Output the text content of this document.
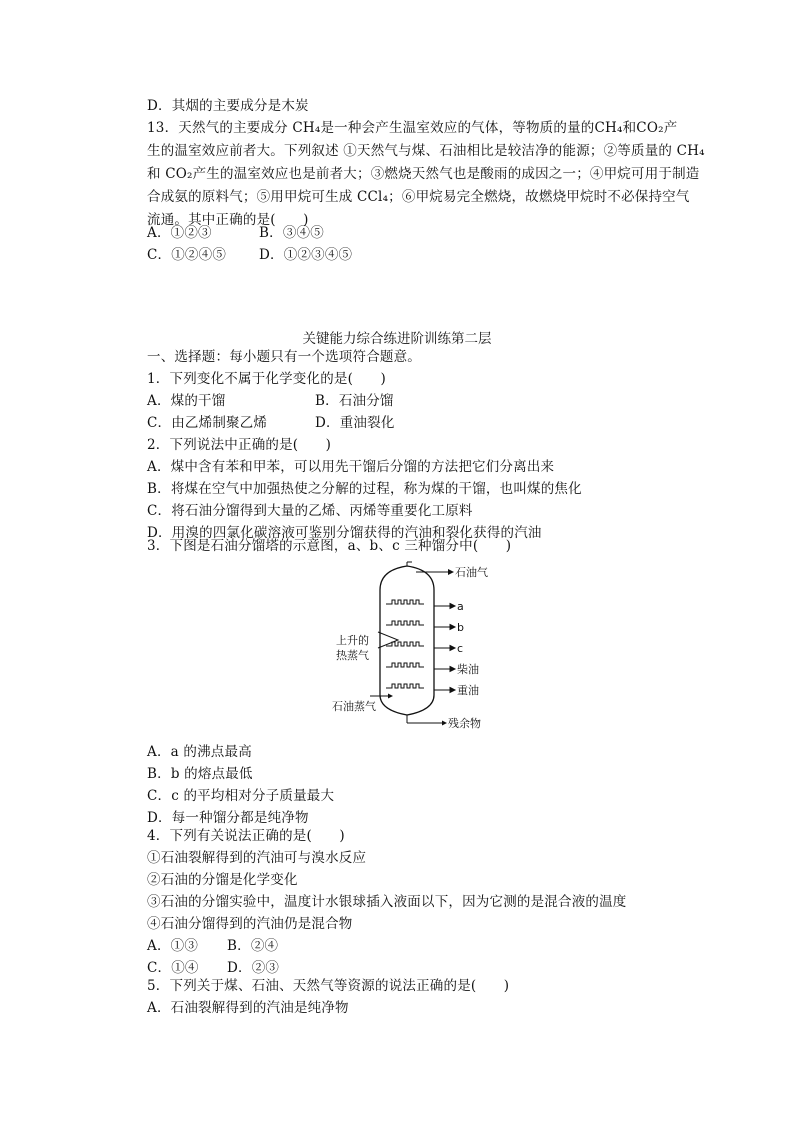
D．其烟的主要成分是木炭
13．天然气的主要成分 CH₄是一种会产生温室效应的气体，等物质的量的CH₄和CO₂产
生的温室效应前者大。下列叙述 ①天然气与煤、石油相比是较洁净的能源；②等质量的 CH₄
和 CO₂产生的温室效应也是前者大；③燃烧天然气也是酸雨的成因之一；④甲烷可用于制造
合成氨的原料气；⑤用甲烷可生成 CCl₄；⑥甲烷易完全燃烧，故燃烧甲烷时不必保持空气
流通。其中正确的是(　　)
A．①②③	B．③④⑤
C．①②④⑤ D．①②③④⑤
关键能力综合练进阶训练第二层
一、选择题：每小题只有一个选项符合题意。
1．下列变化不属于化学变化的是(　　)
A．煤的干馏	B．石油分馏
C．由乙烯制聚乙烯	D．重油裂化
2．下列说法中正确的是(　　)
A．煤中含有苯和甲苯，可以用先干馏后分馏的方法把它们分离出来
B．将煤在空气中加强热使之分解的过程，称为煤的干馏，也叫煤的焦化
C．将石油分馏得到大量的乙烯、丙烯等重要化工原料
D．用溴的四氯化碳溶液可鉴别分馏获得的汽油和裂化获得的汽油
3．下图是石油分馏塔的示意图，a、b、c 三种馏分中(　　)
石油气
a
b
c
柴油
重油
上升的
热蒸气
石油蒸气
残余物
A．a 的沸点最高
B．b 的熔点最低
C．c 的平均相对分子质量最大
D．每一种馏分都是纯净物
4．下列有关说法正确的是(　　)
①石油裂解得到的汽油可与溴水反应
②石油的分馏是化学变化
③石油的分馏实验中，温度计水银球插入液面以下，因为它测的是混合液的温度
④石油分馏得到的汽油仍是混合物
A．①③ B．②④
C．①④ D．②③
5．下列关于煤、石油、天然气等资源的说法正确的是(　　)
A．石油裂解得到的汽油是纯净物
